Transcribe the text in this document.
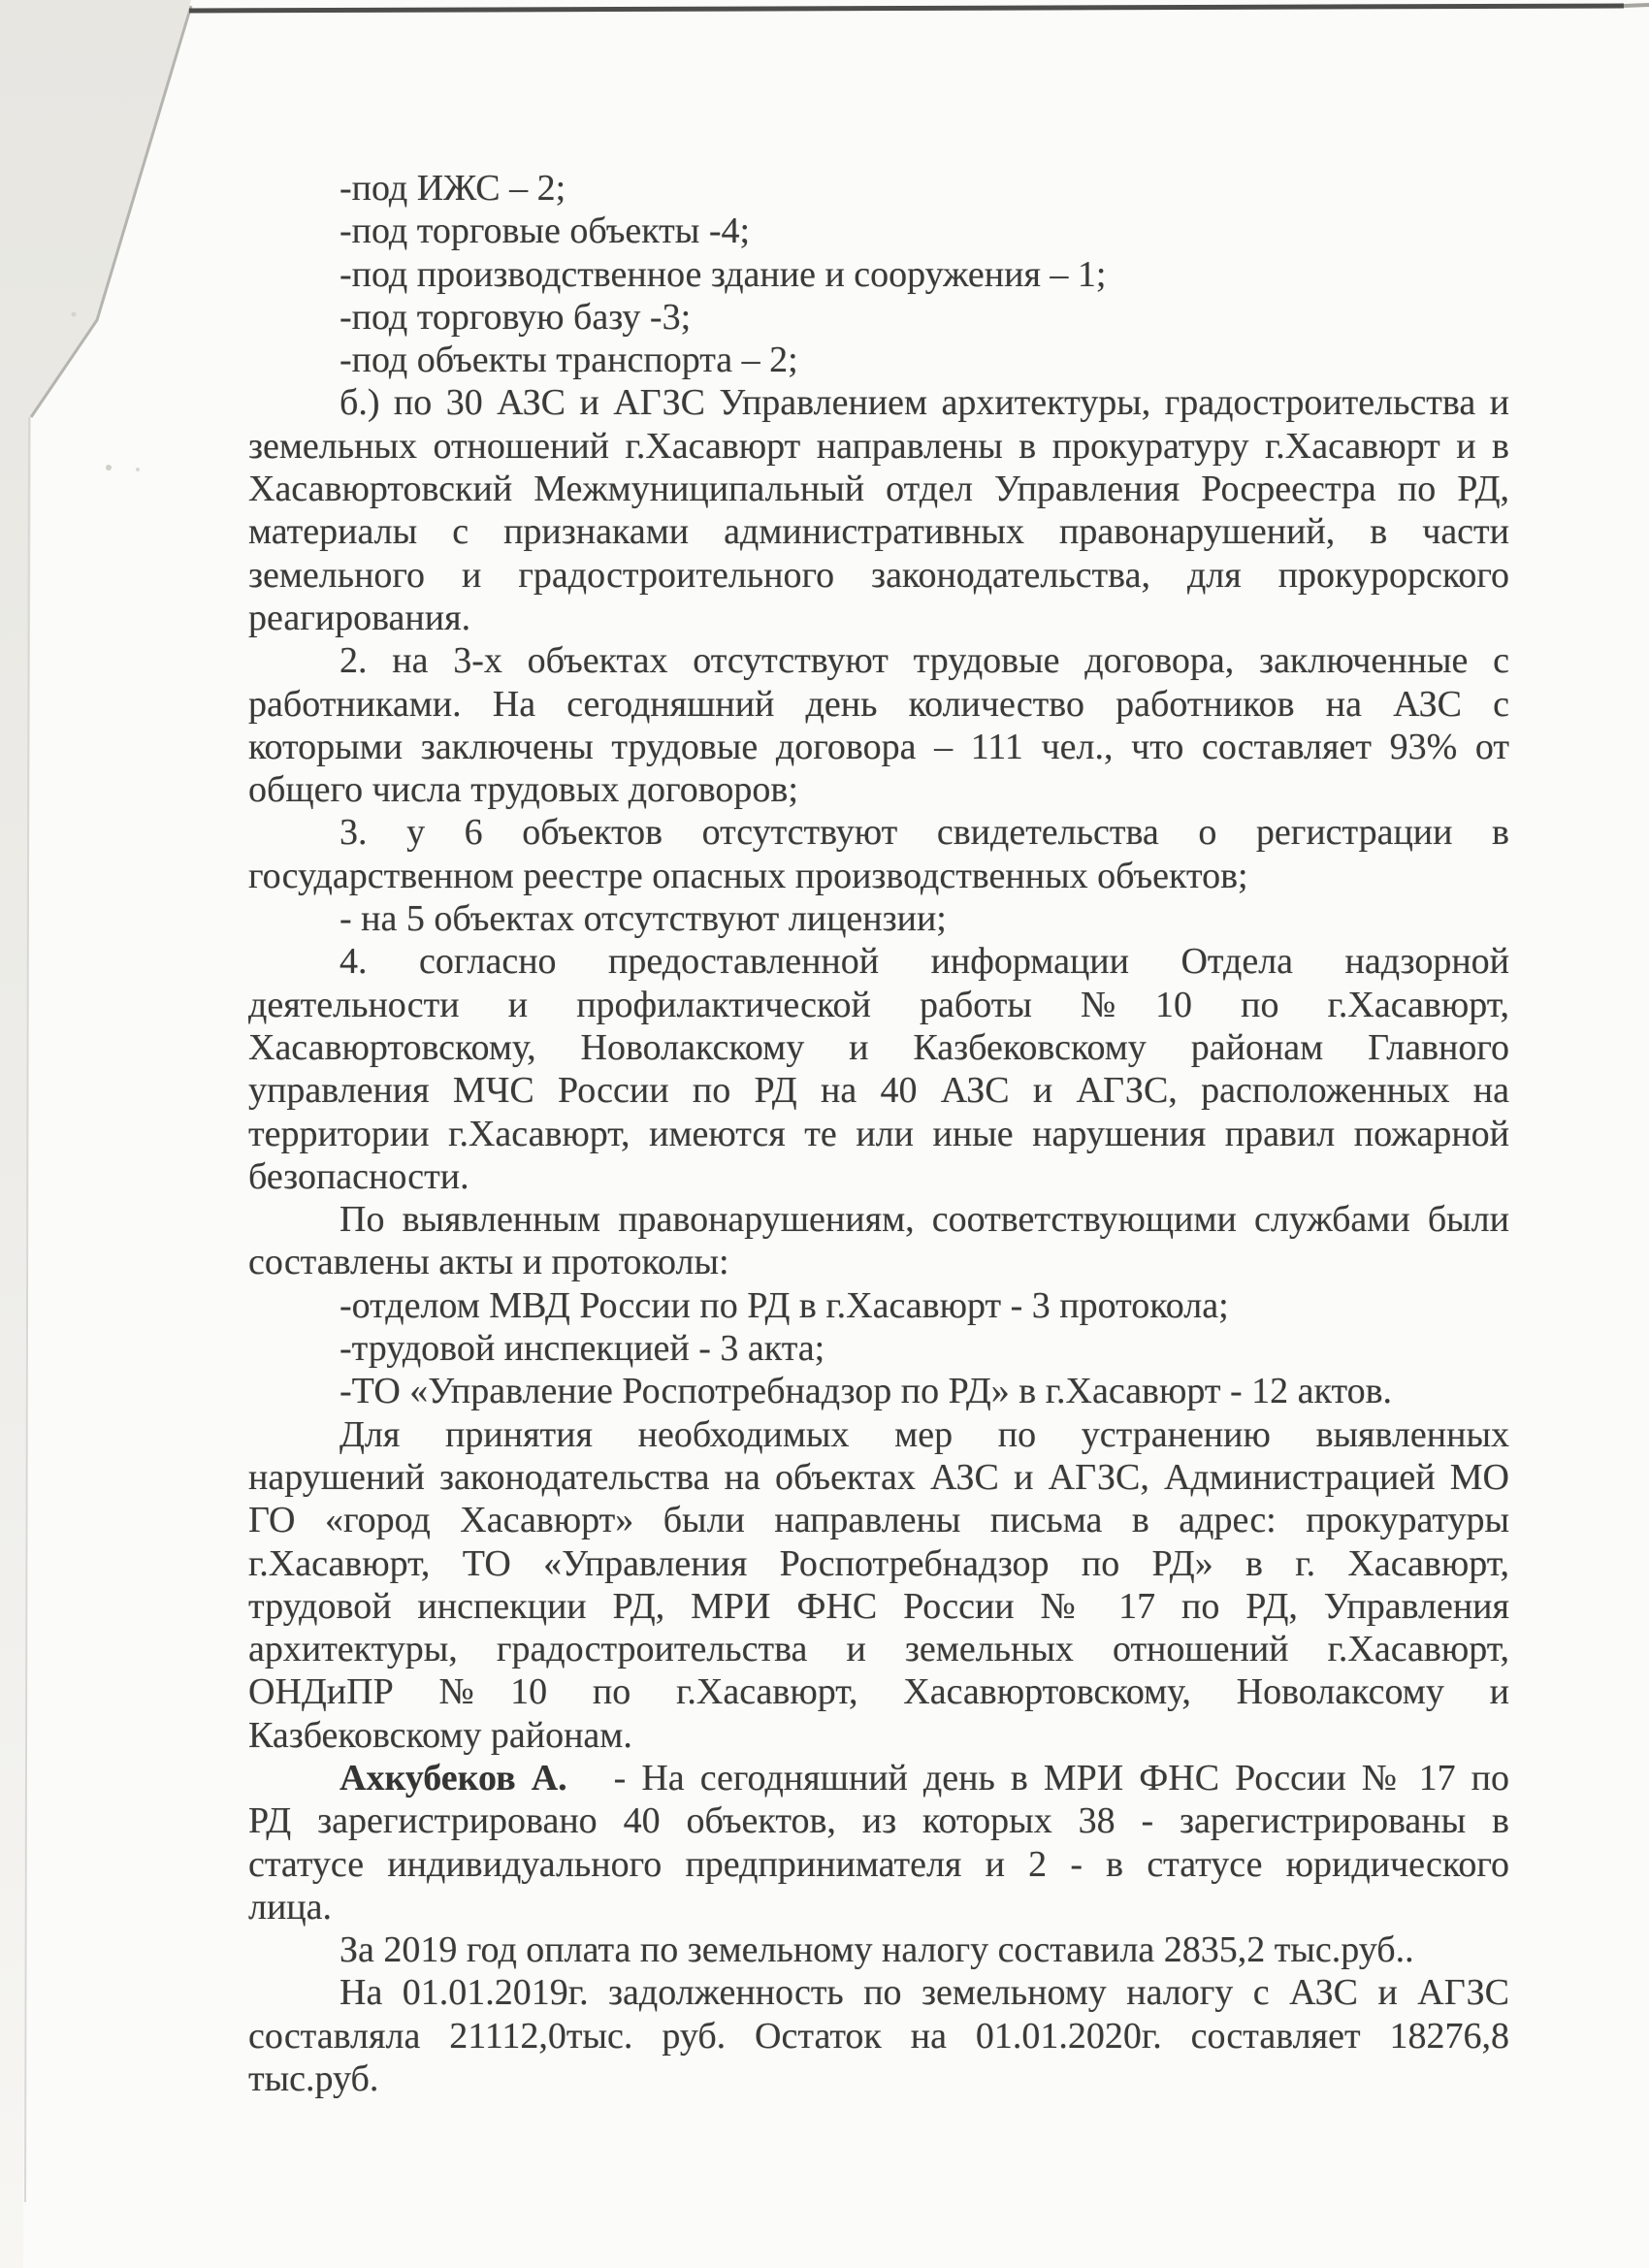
-под ИЖС – 2;
-под торговые объекты -4;
-под производственное здание и сооружения – 1;
-под торговую базу -3;
-под объекты транспорта – 2;
б.) по 30 АЗС и АГЗС Управлением архитектуры, градостроительства и
земельных отношений г.Хасавюрт направлены в прокуратуру г.Хасавюрт и в
Хасавюртовский Межмуниципальный отдел Управления Росреестра по РД,
материалы с признаками административных правонарушений, в части
земельного и градостроительного законодательства, для прокурорского
реагирования.
2. на 3-х объектах отсутствуют трудовые договора, заключенные с
работниками. На сегодняшний день количество работников на АЗС с
которыми заключены трудовые договора – 111 чел., что составляет 93% от
общего числа трудовых договоров;
3. у 6 объектов отсутствуют свидетельства о регистрации в
государственном реестре опасных производственных объектов;
- на 5 объектах отсутствуют лицензии;
4. согласно предоставленной информации Отдела надзорной
деятельности и профилактической работы №10 по г.Хасавюрт,
Хасавюртовскому, Новолакскому и Казбековскому районам Главного
управления МЧС России по РД на 40 АЗС и АГЗС, расположенных на
территории г.Хасавюрт, имеются те или иные нарушения правил пожарной
безопасности.
По выявленным правонарушениям, соответствующими службами были
составлены акты и протоколы:
-отделом МВД России по РД в г.Хасавюрт - 3 протокола;
-трудовой инспекцией - 3 акта;
-ТО «Управление Роспотребнадзор по РД» в г.Хасавюрт - 12 актов.
Для принятия необходимых мер по устранению выявленных
нарушений законодательства на объектах АЗС и АГЗС, Администрацией МО
ГО «город Хасавюрт» были направлены письма в адрес: прокуратуры
г.Хасавюрт, ТО «Управления Роспотребнадзор по РД» в г. Хасавюрт,
трудовой инспекции РД, МРИ ФНС России № 17 по РД, Управления
архитектуры, градостроительства и земельных отношений г.Хасавюрт,
ОНДиПР №10 по г.Хасавюрт, Хасавюртовскому, Новолаксому и
Казбековскому районам.
Ахкубеков А. - На сегодняшний день в МРИ ФНС России № 17 по
РД зарегистрировано 40 объектов, из которых 38 - зарегистрированы в
статусе индивидуального предпринимателя и 2 - в статусе юридического
лица.
За 2019 год оплата по земельному налогу составила 2835,2 тыс.руб..
На 01.01.2019г. задолженность по земельному налогу с АЗС и АГЗС
составляла 21112,0тыс. руб. Остаток на 01.01.2020г. составляет 18276,8
тыс.руб.
